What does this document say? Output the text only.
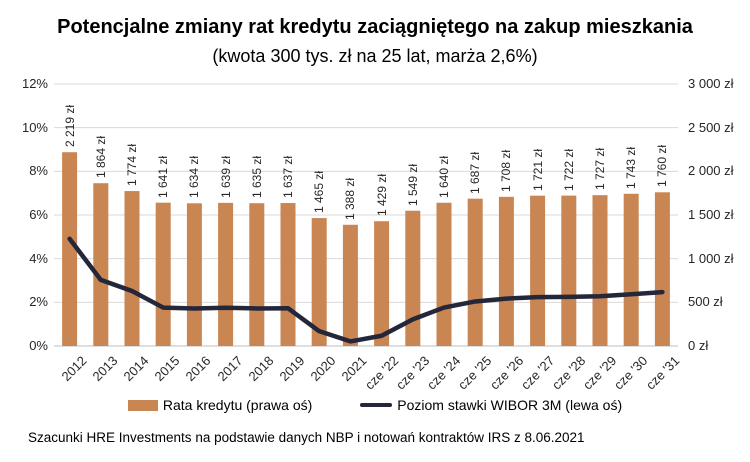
Potencjalne zmiany rat kredytu zaciągniętego na zakup mieszkania
(kwota 300 tys. zł na 25 lat, marża 2,6%)
Rata kredytu (prawa oś)	Poziom stawki WIBOR 3M (lewa oś)
Szacunki HRE Investments na podstawie danych NBP i notowań kontraktów IRS z 8.06.2021
0%
2%
4%
6%
8%
10%
12%
0 zł
500 zł
1 000 zł
1 500 zł
2 000 zł
2 500 zł
3 000 zł
2012 2013 2014 2015 2016 2017 2018 2019 2020 2021
cze '22
cze '23
cze '24
cze '25
cze '26
cze '27
cze '28
cze '29
cze '30
cze '31
2 219 zł
1 864 zł 1 774 zł 1 641 zł 1 634 zł 1 639 zł 1 635 zł 1 637 zł 1 465 zł 1 388 zł 1 429 zł 1 549 zł 1 640 zł 1 687 zł 1 708 zł 1 721 zł 1 722 zł 1 727 zł 1 743 zł 1 760 zł
